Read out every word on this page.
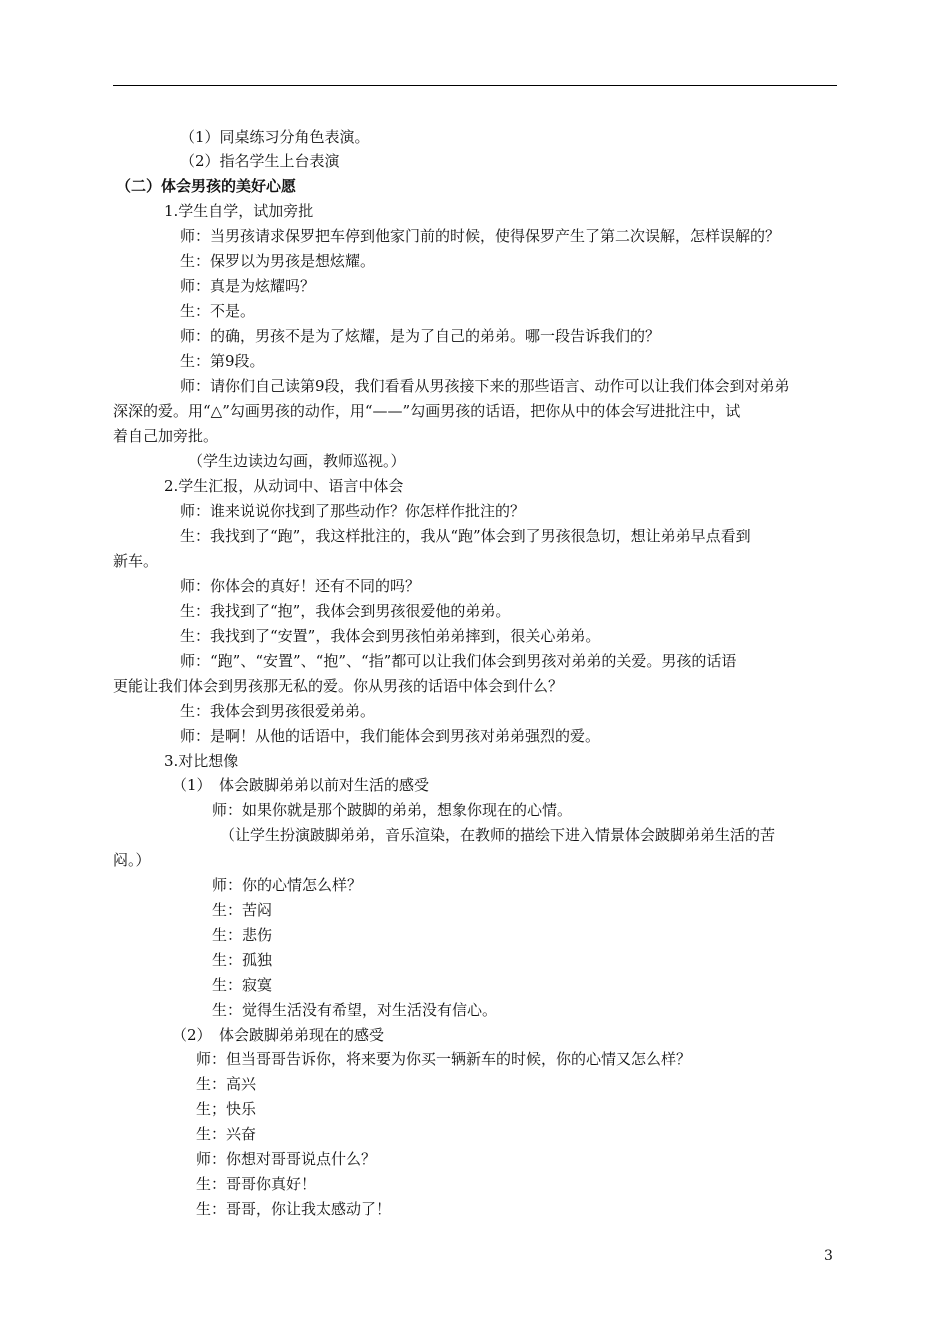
（1）同桌练习分角色表演。
（2）指名学生上台表演
（二）体会男孩的美好心愿
1.学生自学，试加旁批
师：当男孩请求保罗把车停到他家门前的时候，使得保罗产生了第二次误解，怎样误解的？
生：保罗以为男孩是想炫耀。
师：真是为炫耀吗？
生：不是。
师：的确，男孩不是为了炫耀，是为了自己的弟弟。哪一段告诉我们的？
生：第9段。
师：请你们自己读第9段，我们看看从男孩接下来的那些语言、动作可以让我们体会到对弟弟
深深的爱。用“△”勾画男孩的动作，用“——”勾画男孩的话语，把你从中的体会写进批注中，试
着自己加旁批。
（学生边读边勾画，教师巡视。）
2.学生汇报，从动词中、语言中体会
师：谁来说说你找到了那些动作？你怎样作批注的？
生：我找到了“跑”，我这样批注的，我从“跑”体会到了男孩很急切，想让弟弟早点看到
新车。
师：你体会的真好！还有不同的吗？
生：我找到了“抱”，我体会到男孩很爱他的弟弟。
生：我找到了“安置”，我体会到男孩怕弟弟摔到，很关心弟弟。
师：“跑”、“安置”、“抱”、“指”都可以让我们体会到男孩对弟弟的关爱。男孩的话语
更能让我们体会到男孩那无私的爱。你从男孩的话语中体会到什么？
生：我体会到男孩很爱弟弟。
师：是啊！从他的话语中，我们能体会到男孩对弟弟强烈的爱。
3.对比想像
（1）　体会跛脚弟弟以前对生活的感受
师：如果你就是那个跛脚的弟弟，想象你现在的心情。
（让学生扮演跛脚弟弟，音乐渲染，在教师的描绘下进入情景体会跛脚弟弟生活的苦
闷。）
师：你的心情怎么样？
生：苦闷
生：悲伤
生：孤独
生：寂寞
生：觉得生活没有希望，对生活没有信心。
（2）　体会跛脚弟弟现在的感受
师：但当哥哥告诉你，将来要为你买一辆新车的时候，你的心情又怎么样？
生：高兴
生；快乐
生：兴奋
师：你想对哥哥说点什么？
生：哥哥你真好！
生：哥哥，你让我太感动了！
3
